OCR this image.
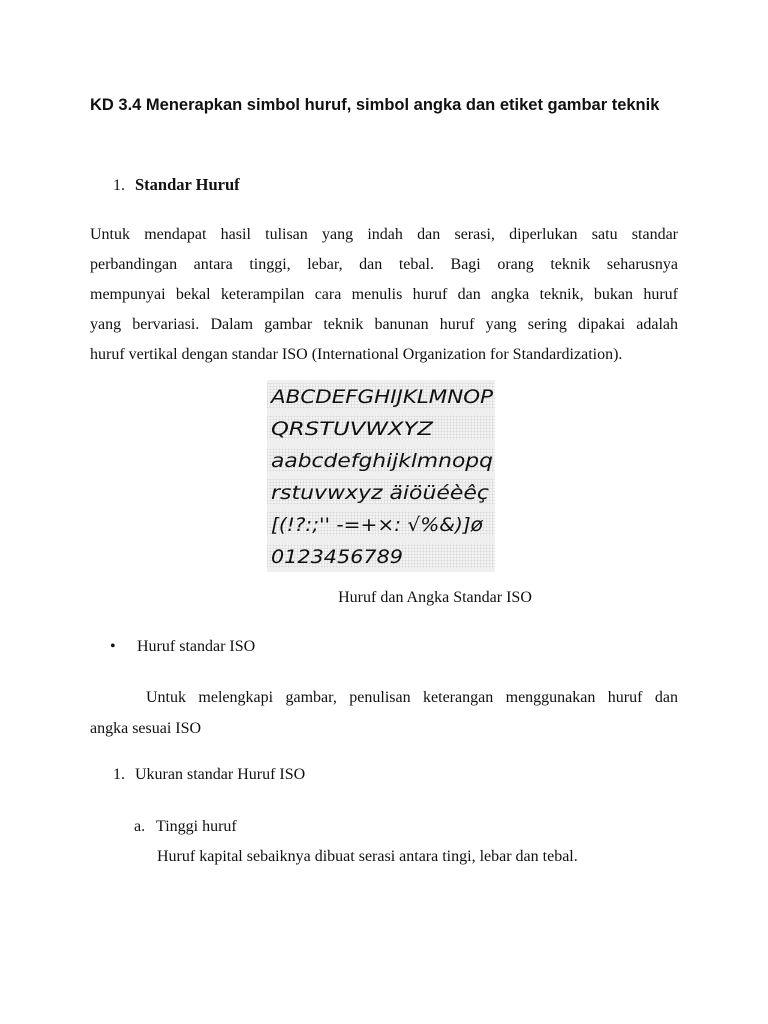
KD 3.4 Menerapkan simbol huruf, simbol angka dan etiket gambar teknik

1. Standar Huruf

Untuk mendapat hasil tulisan yang indah dan serasi, diperlukan satu standar
perbandingan antara tinggi, lebar, dan tebal. Bagi orang teknik seharusnya
mempunyai bekal keterampilan cara menulis huruf dan angka teknik, bukan huruf
yang bervariasi. Dalam gambar teknik banunan huruf yang sering dipakai adalah
huruf vertikal dengan standar ISO (International Organization for Standardization).

ABCDEFGHIJKLMNOP
QRSTUVWXYZ
aabcdefghijklmnopq
rstuvwxyz äiöüéèêç
[(!?:;'' -=+×: √%&)]ø
0123456789

Huruf dan Angka Standar ISO

• Huruf standar ISO

Untuk melengkapi gambar, penulisan keterangan menggunakan huruf dan
angka sesuai ISO

1. Ukuran standar Huruf ISO

a. Tinggi huruf

Huruf kapital sebaiknya dibuat serasi antara tingi, lebar dan tebal.
